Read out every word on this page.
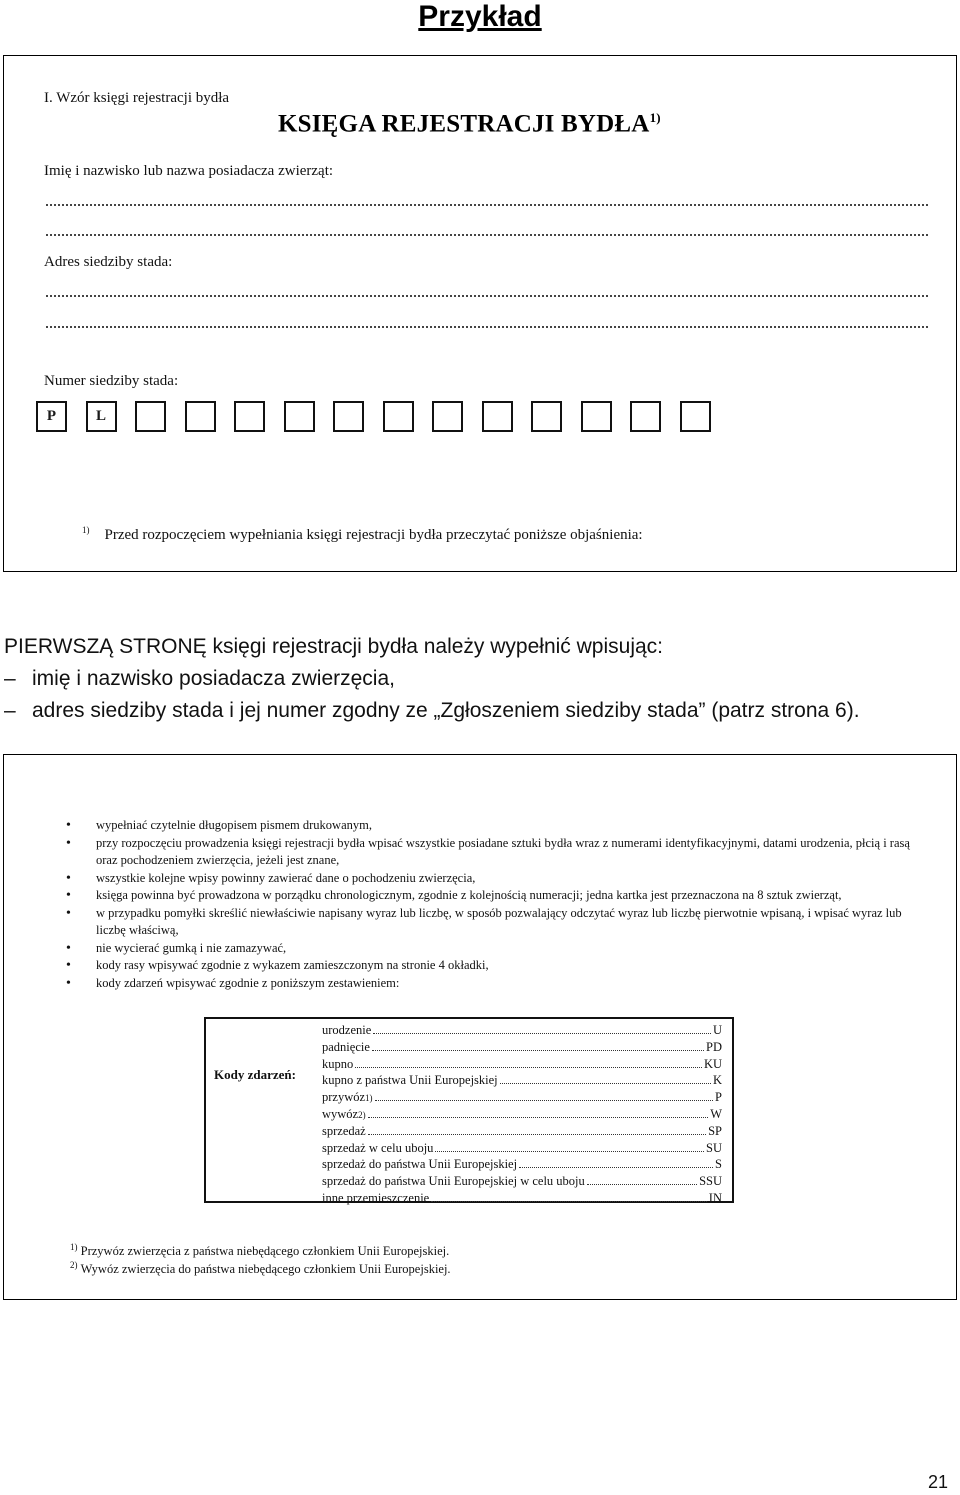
Przykład
I. Wzór księgi rejestracji bydła
KSIĘGA REJESTRACJI BYDŁA$^{1)}$
Imię i nazwisko lub nazwa posiadacza zwierząt:
Adres siedziby stada:
Numer siedziby stada:
P	L
$^{1)}$ Przed rozpoczęciem wypełniania księgi rejestracji bydła przeczytać poniższe objaśnienia:
PIERWSZĄ STRONĘ księgi rejestracji bydła należy wypełnić wpisując:
– imię i nazwisko posiadacza zwierzęcia,
– adres siedziby stada i jej numer zgodny ze „Zgłoszeniem siedziby stada” (patrz strona 6).
• wypełniać czytelnie długopisem pismem drukowanym,
• przy rozpoczęciu prowadzenia księgi rejestracji bydła wpisać wszystkie posiadane sztuki bydła wraz z numerami identyfikacyjnymi, datami urodzenia, płcią i rasą oraz pochodzeniem zwierzęcia, jeżeli jest znane,
• wszystkie kolejne wpisy powinny zawierać dane o pochodzeniu zwierzęcia,
• księga powinna być prowadzona w porządku chronologicznym, zgodnie z kolejnością numeracji; jedna kartka jest przeznaczona na 8 sztuk zwierząt,
• w przypadku pomyłki skreślić niewłaściwie napisany wyraz lub liczbę, w sposób pozwalający odczytać wyraz lub liczbę pierwotnie wpisaną, i wpisać wyraz lub liczbę właściwą,
• nie wycierać gumką i nie zamazywać,
• kody rasy wpisywać zgodnie z wykazem zamieszczonym na stronie 4 okładki,
• kody zdarzeń wpisywać zgodnie z poniższym zestawieniem:
Kody zdarzeń:
urodzenie	U
padnięcie	PD
kupno	KU
kupno z państwa Unii Europejskiej	K
przywóz 1)	P
wywóz 2)	W
sprzedaż	SP
sprzedaż w celu uboju	SU
sprzedaż do państwa Unii Europejskiej	S
sprzedaż do państwa Unii Europejskiej w celu uboju	SSU
inne przemieszczenie	IN
$^{1)}$ Przywóz zwierzęcia z państwa niebędącego członkiem Unii Europejskiej.
$^{2)}$ Wywóz zwierzęcia do państwa niebędącego członkiem Unii Europejskiej.
21
